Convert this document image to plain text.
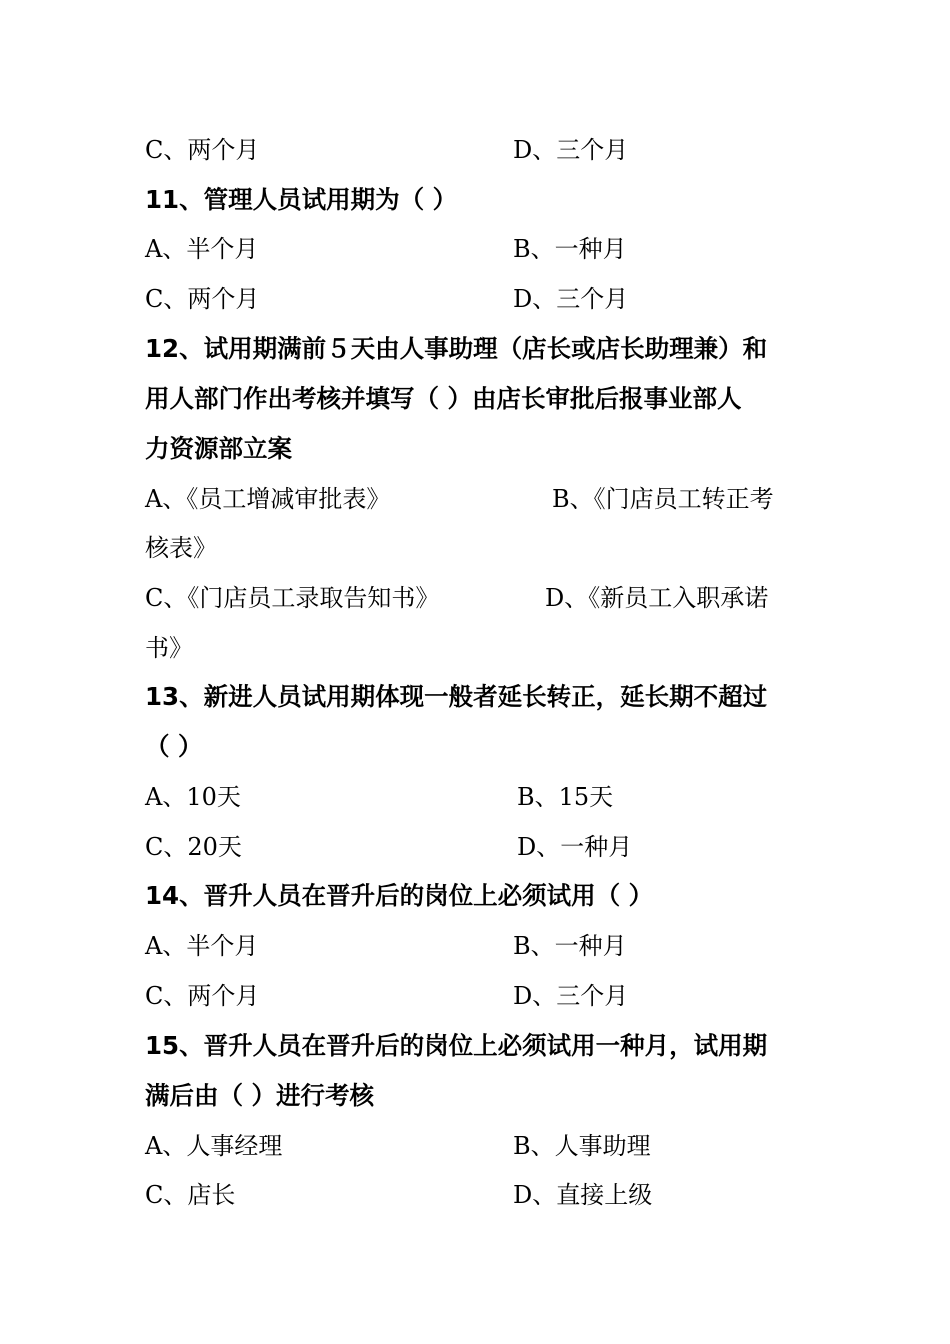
C、两个月	D、三个月
11、管理人员试用期为（ ）
A、半个月	B、一种月
C、两个月	D、三个月
12、试用期满前５天由人事助理（店长或店长助理兼）和
用人部门作出考核并填写（ ）由店长审批后报事业部人
力资源部立案
A、《员工增减审批表》	B、《门店员工转正考
核表》
C、《门店员工录取告知书》	D、《新员工入职承诺
书》
13、新进人员试用期体现一般者延长转正，延长期不超过
（ ）
A、10天	B、15天
C、20天	D、一种月
14、晋升人员在晋升后的岗位上必须试用（ ）
A、半个月	B、一种月
C、两个月	D、三个月
15、晋升人员在晋升后的岗位上必须试用一种月，试用期
满后由（ ）进行考核
A、人事经理	B、人事助理
C、店长	D、直接上级
